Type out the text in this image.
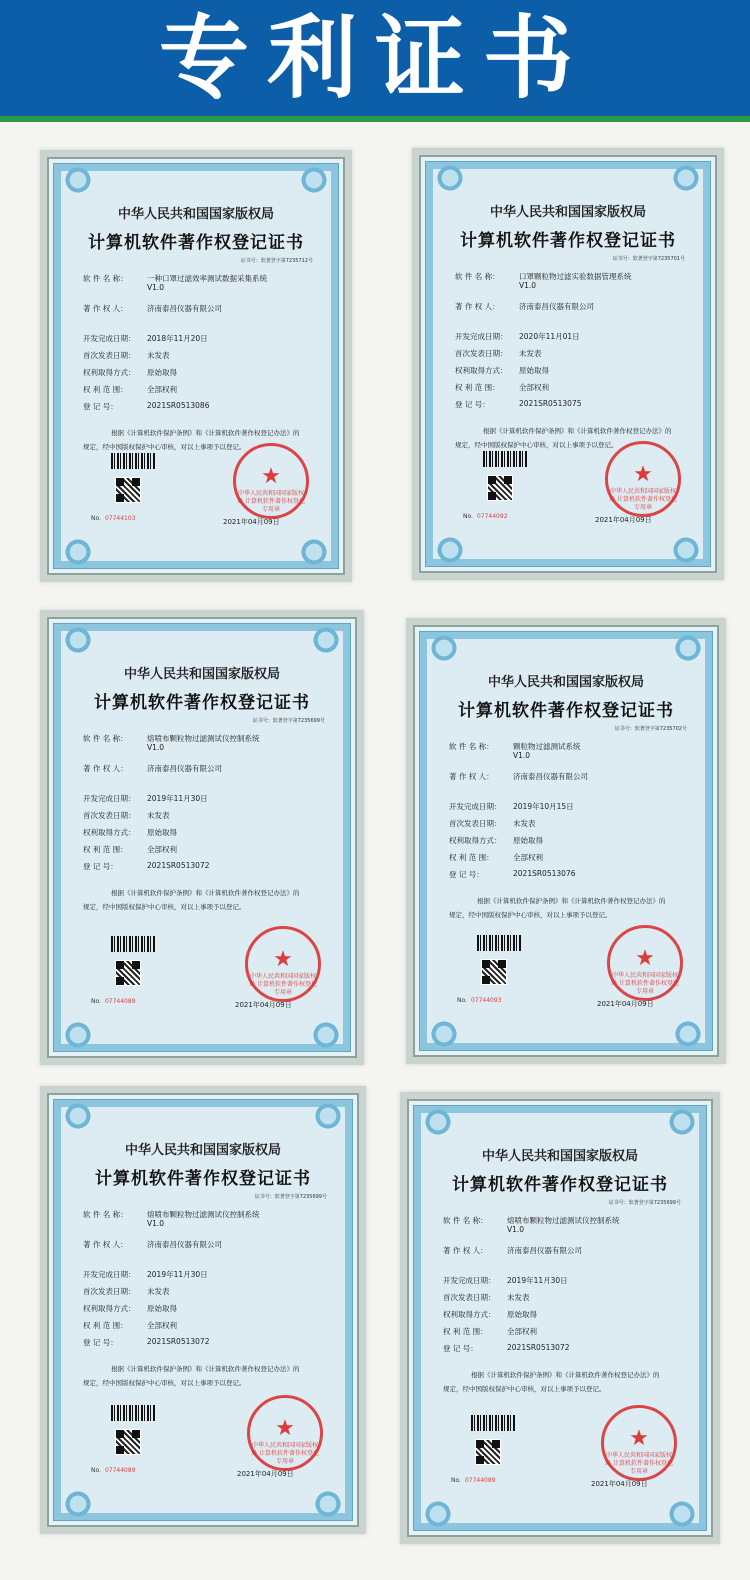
专利证书
中华人民共和国国家版权局
计算机软件著作权登记证书
证书号：软著登字第7235712号
软 件 名 称：	一种口罩过滤效率测试数据采集系统
V1.0
著 作 权 人：	济南泰昌仪器有限公司
开发完成日期：	2018年11月20日
首次发表日期：	未发表
权利取得方式：	原始取得
权 利 范 围：	全部权利
登 记 号：	2021SR0513086
根据《计算机软件保护条例》和《计算机软件著作权登记办法》的
规定，经中国版权保护中心审核，对以上事项予以登记。
No. 07744103
★
中华人民共和国国家版权局 计算机软件著作权登记专用章
2021年04月09日
中华人民共和国国家版权局
计算机软件著作权登记证书
证书号：软著登字第7235701号
软 件 名 称：	口罩颗粒物过滤实验数据管理系统
V1.0
著 作 权 人：	济南泰昌仪器有限公司
开发完成日期：	2020年11月01日
首次发表日期：	未发表
权利取得方式：	原始取得
权 利 范 围：	全部权利
登 记 号：	2021SR0513075
根据《计算机软件保护条例》和《计算机软件著作权登记办法》的
规定，经中国版权保护中心审核，对以上事项予以登记。
No. 07744092
★
中华人民共和国国家版权局 计算机软件著作权登记专用章
2021年04月09日
中华人民共和国国家版权局
计算机软件著作权登记证书
证书号：软著登字第7235699号
软 件 名 称：	熔喷布颗粒物过滤测试仪控制系统
V1.0
著 作 权 人：	济南泰昌仪器有限公司
开发完成日期：	2019年11月30日
首次发表日期：	未发表
权利取得方式：	原始取得
权 利 范 围：	全部权利
登 记 号：	2021SR0513072
根据《计算机软件保护条例》和《计算机软件著作权登记办法》的
规定，经中国版权保护中心审核，对以上事项予以登记。
No. 07744089
★
中华人民共和国国家版权局 计算机软件著作权登记专用章
2021年04月09日
中华人民共和国国家版权局
计算机软件著作权登记证书
证书号：软著登字第7235702号
软 件 名 称：	颗粒物过滤测试系统
V1.0
著 作 权 人：	济南泰昌仪器有限公司
开发完成日期：	2019年10月15日
首次发表日期：	未发表
权利取得方式：	原始取得
权 利 范 围：	全部权利
登 记 号：	2021SR0513076
根据《计算机软件保护条例》和《计算机软件著作权登记办法》的
规定，经中国版权保护中心审核，对以上事项予以登记。
No. 07744093
★
中华人民共和国国家版权局 计算机软件著作权登记专用章
2021年04月09日
中华人民共和国国家版权局
计算机软件著作权登记证书
证书号：软著登字第7235699号
软 件 名 称：	熔喷布颗粒物过滤测试仪控制系统
V1.0
著 作 权 人：	济南泰昌仪器有限公司
开发完成日期：	2019年11月30日
首次发表日期：	未发表
权利取得方式：	原始取得
权 利 范 围：	全部权利
登 记 号：	2021SR0513072
根据《计算机软件保护条例》和《计算机软件著作权登记办法》的
规定，经中国版权保护中心审核，对以上事项予以登记。
No. 07744089
★
中华人民共和国国家版权局 计算机软件著作权登记专用章
2021年04月09日
中华人民共和国国家版权局
计算机软件著作权登记证书
证书号：软著登字第7235699号
软 件 名 称：	熔喷布颗粒物过滤测试仪控制系统
V1.0
著 作 权 人：	济南泰昌仪器有限公司
开发完成日期：	2019年11月30日
首次发表日期：	未发表
权利取得方式：	原始取得
权 利 范 围：	全部权利
登 记 号：	2021SR0513072
根据《计算机软件保护条例》和《计算机软件著作权登记办法》的
规定，经中国版权保护中心审核，对以上事项予以登记。
No. 07744089
★
中华人民共和国国家版权局 计算机软件著作权登记专用章
2021年04月09日
